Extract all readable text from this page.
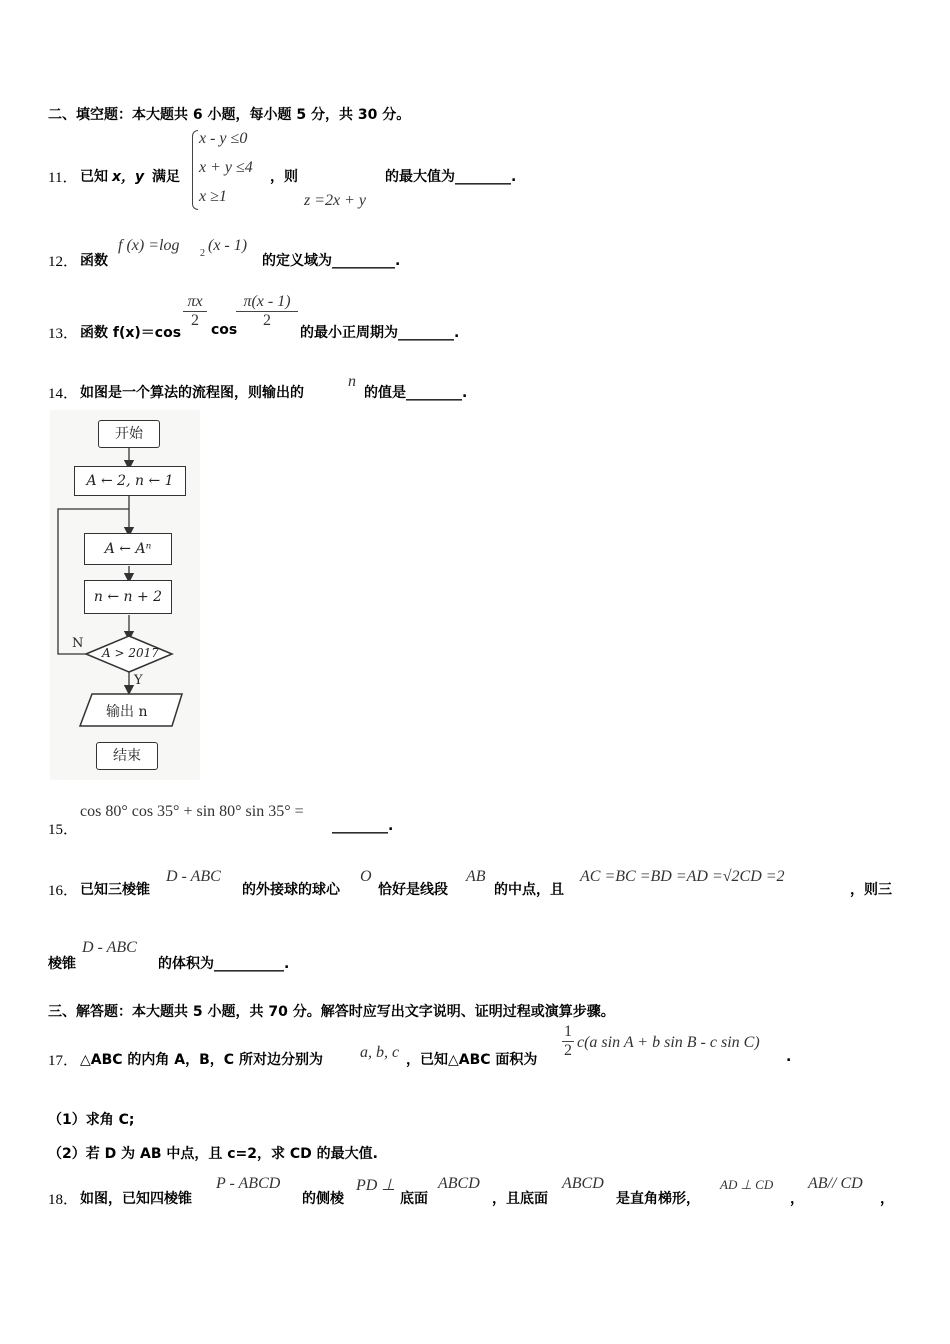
二、填空题：本大题共 6 小题，每小题 5 分，共 30 分。
11． 已知 x，y 满足
x - y ≤0
x + y ≤4
x ≥1
，则
z =2x + y
的最大值为________.
12． 函数
f (x) =log 2 (x - 1)
的定义域为_________.
13． 函数 f(x)＝cos
$\frac{\pi x}{2}$ cos
$\frac{\pi(x - 1)}{2}$
的最小正周期为________.
14． 如图是一个算法的流程图，则输出的
n
的值是________.
开始
A ← 2, n ← 1
A ← Aⁿ
n ← n + 2
A > 2017
N
Y
输出 n
结束
15．
cos 80° cos 35° + sin 80° sin 35° =
________.
16． 已知三棱锥
D - ABC
的外接球的球心
O
恰好是线段
AB
的中点，且
AC =BC =BD =AD =√2CD =2
，则三
棱锥
D - ABC
的体积为__________.
三、解答题：本大题共 5 小题，共 70 分。解答时应写出文字说明、证明过程或演算步骤。
17． △ABC 的内角 A，B，C 所对边分别为 a, b, c ，已知△ABC 面积为 $\frac{1}{2} c(a$ sin A + b sin B - c sin C)
.
（1）求角 C;
（2）若 D 为 AB 中点，且 c=2，求 CD 的最大值.
18． 如图，已知四棱锥
P - ABCD
的侧棱
PD ⊥
底面
ABCD
，且底面
ABCD
是直角梯形，
AD ⊥ CD
，
AB// CD
，
